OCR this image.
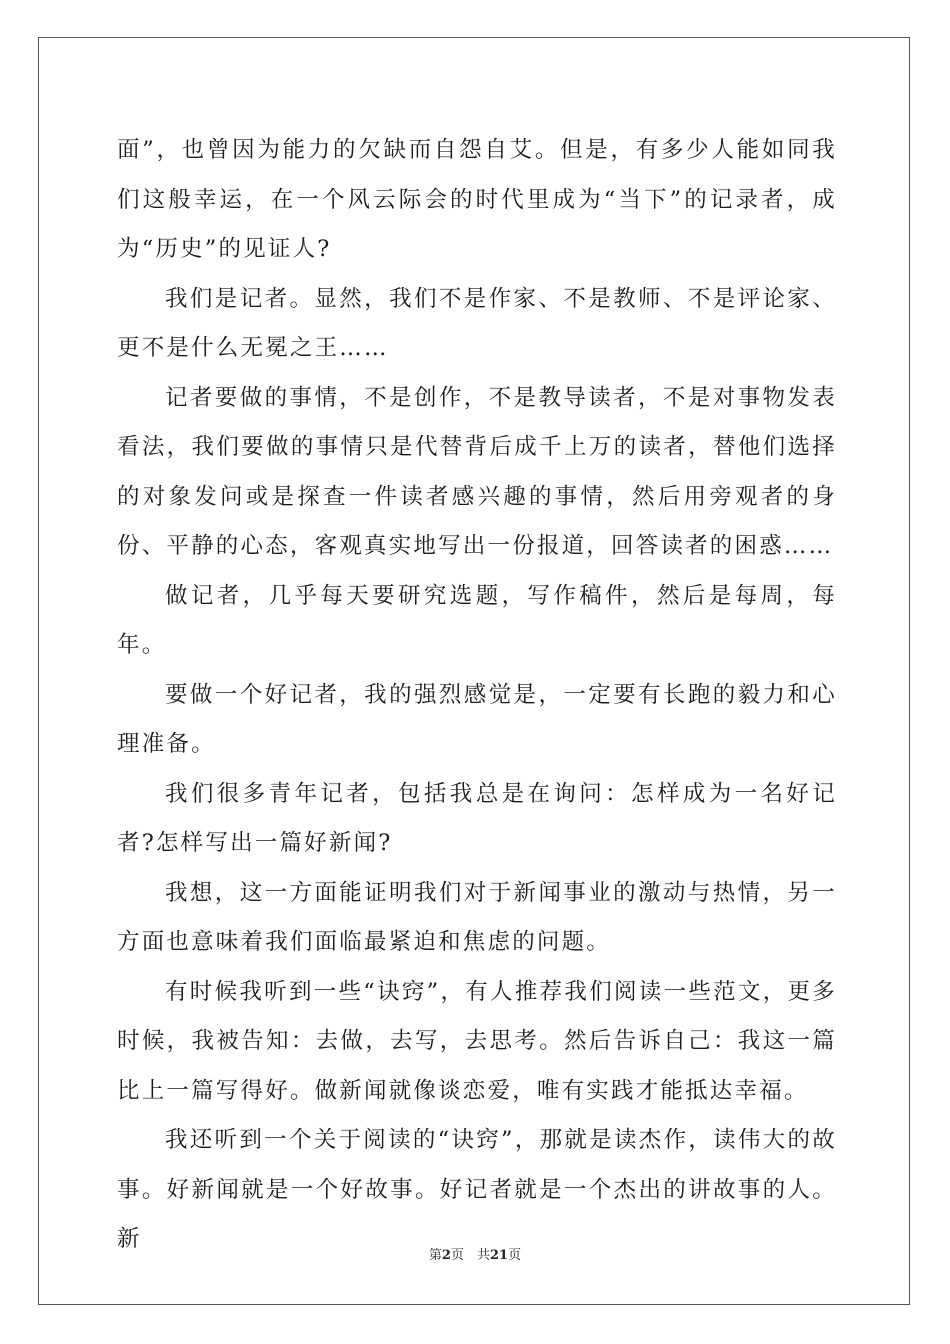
面”，也曾因为能力的欠缺而自怨自艾。但是，有多少人能如同我们这般幸运，在一个风云际会的时代里成为“当下”的记录者，成为“历史”的见证人?

我们是记者。显然，我们不是作家、不是教师、不是评论家、更不是什么无冕之王……

记者要做的事情，不是创作，不是教导读者，不是对事物发表看法，我们要做的事情只是代替背后成千上万的读者，替他们选择的对象发问或是探查一件读者感兴趣的事情，然后用旁观者的身份、平静的心态，客观真实地写出一份报道，回答读者的困惑……

做记者，几乎每天要研究选题，写作稿件，然后是每周，每年。

要做一个好记者，我的强烈感觉是，一定要有长跑的毅力和心理准备。

我们很多青年记者，包括我总是在询问：怎样成为一名好记者?怎样写出一篇好新闻?

我想，这一方面能证明我们对于新闻事业的激动与热情，另一方面也意味着我们面临最紧迫和焦虑的问题。

有时候我听到一些“诀窍”，有人推荐我们阅读一些范文，更多时候，我被告知：去做，去写，去思考。然后告诉自己：我这一篇比上一篇写得好。做新闻就像谈恋爱，唯有实践才能抵达幸福。

我还听到一个关于阅读的“诀窍”，那就是读杰作，读伟大的故事。好新闻就是一个好故事。好记者就是一个杰出的讲故事的人。新

第2页　共21页
